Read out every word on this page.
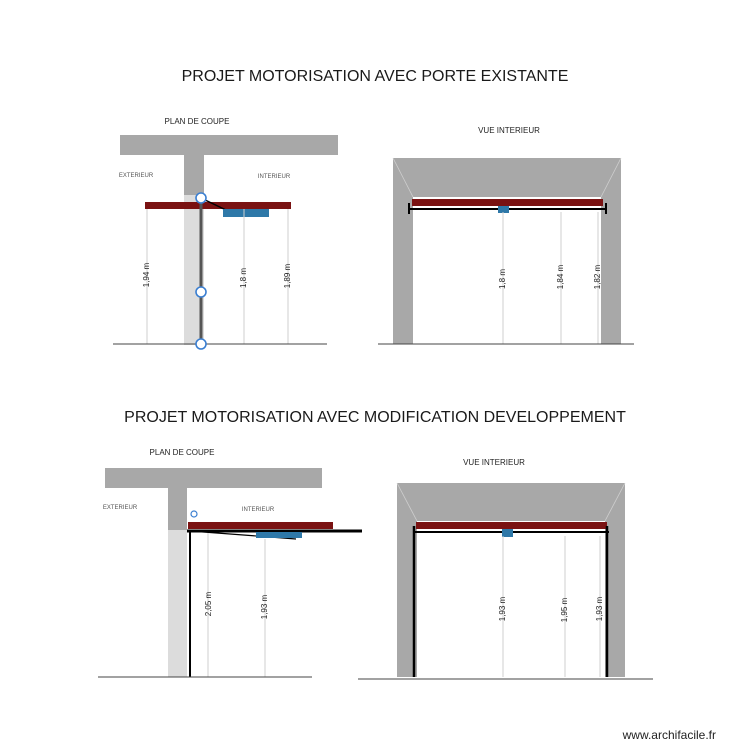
PROJET MOTORISATION AVEC PORTE EXISTANTE
PROJET MOTORISATION AVEC MODIFICATION DEVELOPPEMENT
PLAN DE COUPE
EXTERIEUR	INTERIEUR
1,94 m	1,8 m	1,89 m
VUE INTERIEUR
1,8 m	1,84 m	1,82 m
PLAN DE COUPE
EXTERIEUR	INTERIEUR
2,05 m	1,93 m
VUE INTERIEUR
1,93 m	1,95 m	1,93 m
www.archifacile.fr
